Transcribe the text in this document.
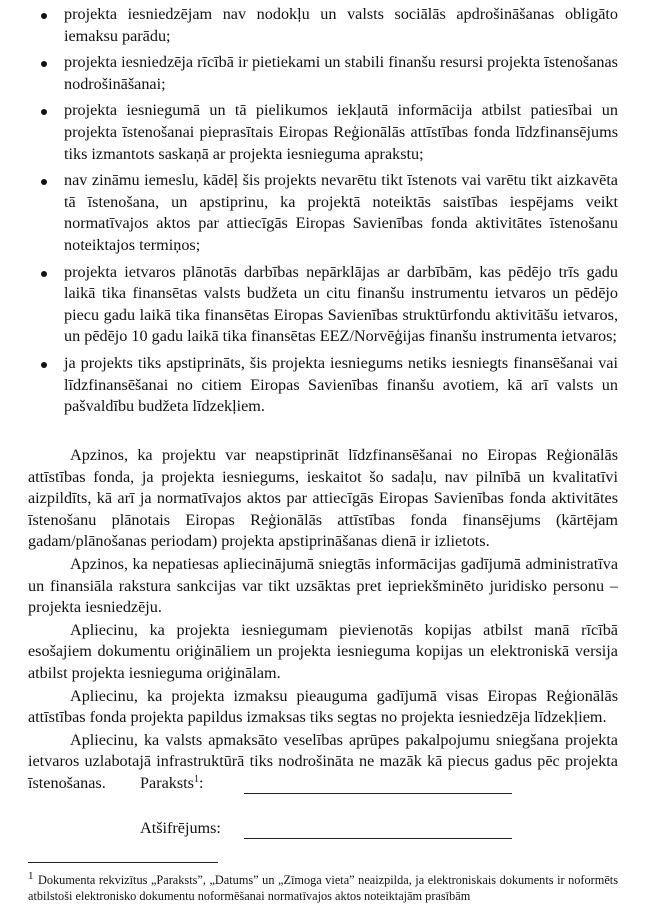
projekta iesniedzējam nav nodokļu un valsts sociālās apdrošināšanas obligāto iemaksu parādu;
projekta iesniedzēja rīcībā ir pietiekami un stabili finanšu resursi projekta īstenošanas nodrošināšanai;
projekta iesniegumā un tā pielikumos iekļautā informācija atbilst patiesībai un projekta īstenošanai pieprasītais Eiropas Reģionālās attīstības fonda līdzfinansējums tiks izmantots saskaņā ar projekta iesnieguma aprakstu;
nav zināmu iemeslu, kādēļ šis projekts nevarētu tikt īstenots vai varētu tikt aizkavēta tā īstenošana, un apstiprinu, ka projektā noteiktās saistības iespējams veikt normatīvajos aktos par attiecīgās Eiropas Savienības fonda aktivitātes īstenošanu noteiktajos termiņos;
projekta ietvaros plānotās darbības nepārklājas ar darbībām, kas pēdējo trīs gadu laikā tika finansētas valsts budžeta un citu finanšu instrumentu ietvaros un pēdējo piecu gadu laikā tika finansētas Eiropas Savienības struktūrfondu aktivitāšu ietvaros, un pēdējo 10 gadu laikā tika finansētas EEZ/Norvēģijas finanšu instrumenta ietvaros;
ja projekts tiks apstiprināts, šis projekta iesniegums netiks iesniegts finansēšanai vai līdzfinansēšanai no citiem Eiropas Savienības finanšu avotiem, kā arī valsts un pašvaldību budžeta līdzekļiem.

Apzinos, ka projektu var neapstiprināt līdzfinansēšanai no Eiropas Reģionālās attīstības fonda, ja projekta iesniegums, ieskaitot šo sadaļu, nav pilnībā un kvalitatīvi aizpildīts, kā arī ja normatīvajos aktos par attiecīgās Eiropas Savienības fonda aktivitātes īstenošanu plānotais Eiropas Reģionālās attīstības fonda finansējums (kārtējam gadam/plānošanas periodam) projekta apstiprināšanas dienā ir izlietots.

Apzinos, ka nepatiesas apliecinājumā sniegtās informācijas gadījumā administratīva un finansiāla rakstura sankcijas var tikt uzsāktas pret iepriekšminēto juridisko personu – projekta iesniedzēju.

Apliecinu, ka projekta iesniegumam pievienotās kopijas atbilst manā rīcībā esošajiem dokumentu oriģināliem un projekta iesnieguma kopijas un elektroniskā versija atbilst projekta iesnieguma oriģinālam.

Apliecinu, ka projekta izmaksu pieauguma gadījumā visas Eiropas Reģionālās attīstības fonda projekta papildus izmaksas tiks segtas no projekta iesniedzēja līdzekļiem.

Apliecinu, ka valsts apmaksāto veselības aprūpes pakalpojumu sniegšana projekta ietvaros uzlabotajā infrastruktūrā tiks nodrošināta ne mazāk kā piecus gadus pēc projekta īstenošanas.	Paraksts$^1$:
Atšifrējums:
1 Dokumenta rekvizītus „Paraksts”, „Datums” un „Zīmoga vieta” neaizpilda, ja elektroniskais dokuments ir noformēts atbilstoši elektronisko dokumentu noformēšanai normatīvajos aktos noteiktajām prasībām
